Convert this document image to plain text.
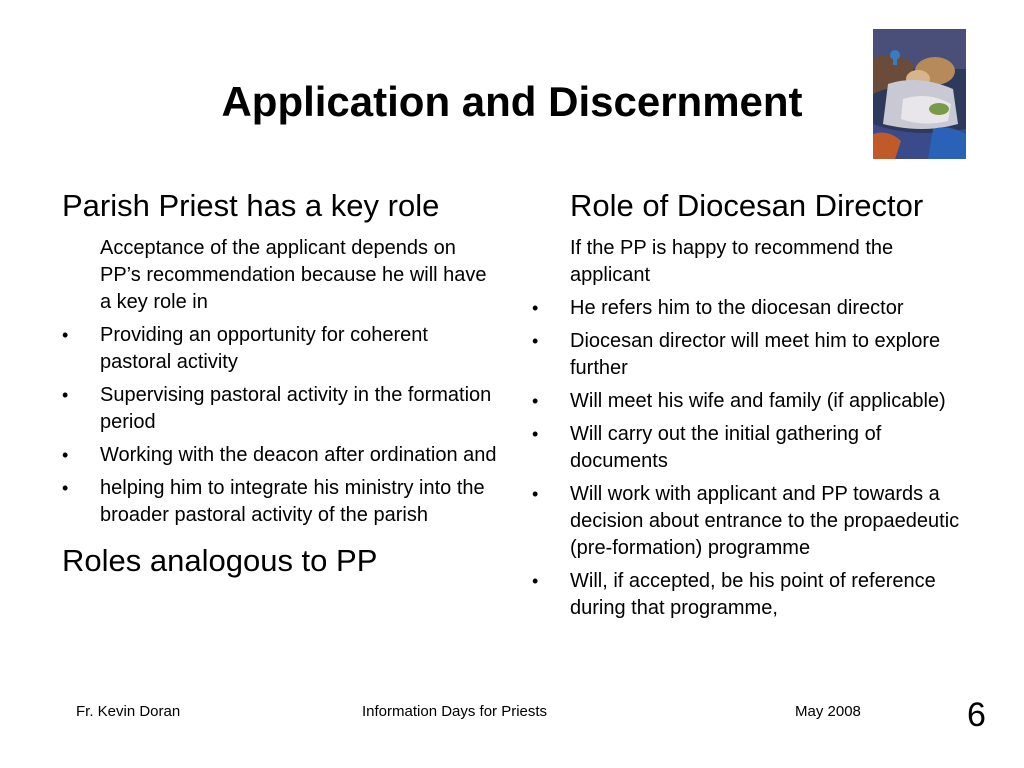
Application and Discernment
Parish Priest has a key role
Acceptance of the applicant depends on PP’s recommendation because he will have a key role in
• Providing an opportunity for coherent pastoral activity
• Supervising pastoral activity in the formation period
• Working with the deacon after ordination and
• helping him to integrate his ministry into the broader pastoral activity of the parish
Roles analogous to PP
Role of Diocesan Director
If the PP is happy to recommend the applicant
• He refers him to the diocesan director
• Diocesan director will meet him to explore further
• Will meet his wife and family (if applicable)
• Will carry out the initial gathering of documents
• Will work with applicant and PP towards a decision about entrance to the propaedeutic (pre-formation) programme
• Will, if accepted, be his point of reference during that programme,
Fr. Kevin Doran	Information Days for Priests	May 2008	6
